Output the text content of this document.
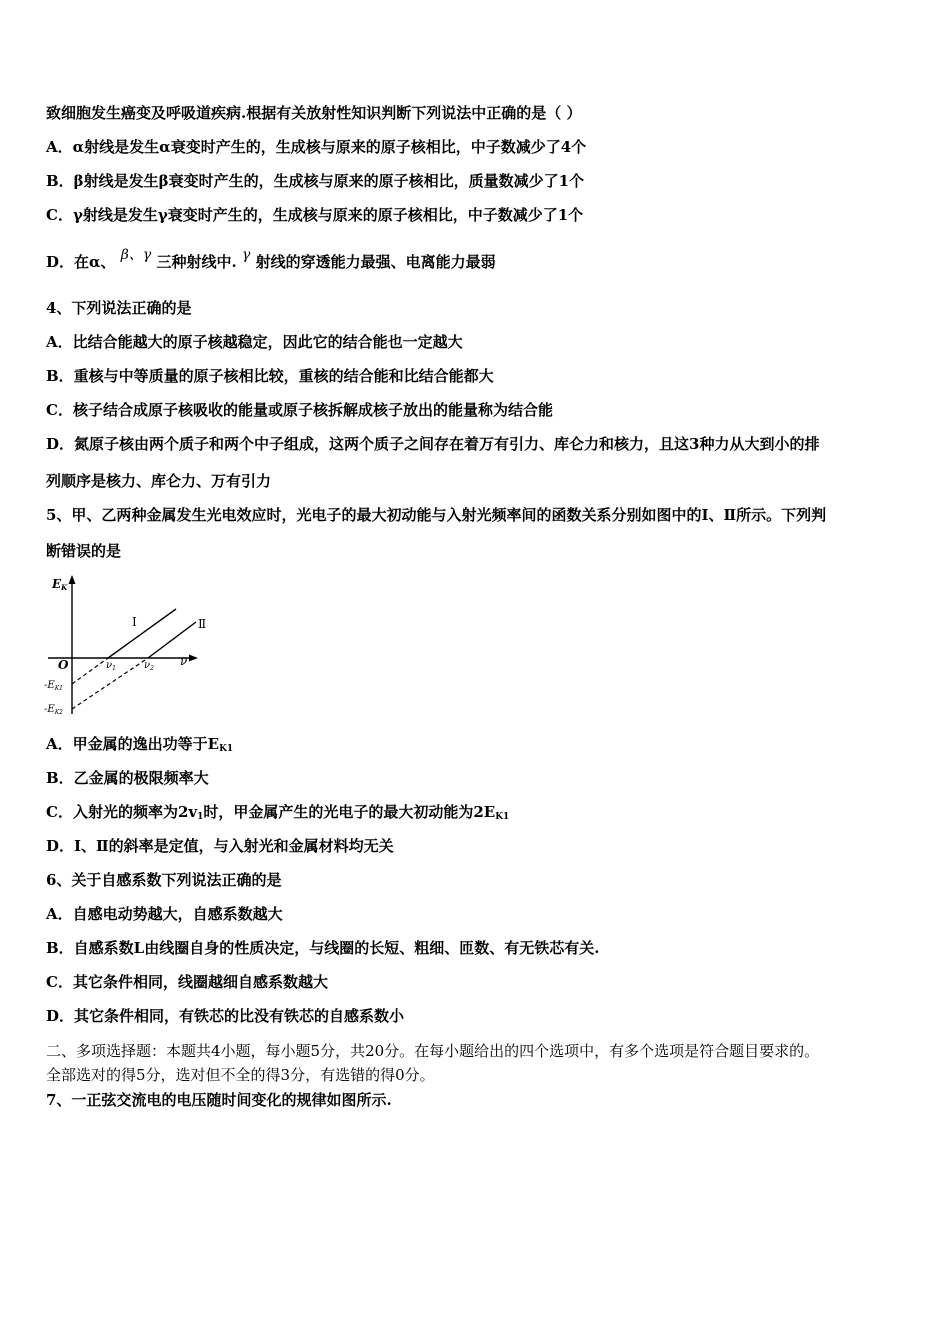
致细胞发生癌变及呼吸道疾病.根据有关放射性知识判断下列说法中正确的是（ ）
A．α射线是发生α衰变时产生的，生成核与原来的原子核相比，中子数减少了4个
B．β射线是发生β衰变时产生的，生成核与原来的原子核相比，质量数减少了1个
C．γ射线是发生γ衰变时产生的，生成核与原来的原子核相比，中子数减少了1个
D．在α、 β、γ 三种射线中. γ 射线的穿透能力最强、电离能力最弱
4、下列说法正确的是
A．比结合能越大的原子核越稳定，因此它的结合能也一定越大
B．重核与中等质量的原子核相比较，重核的结合能和比结合能都大
C．核子结合成原子核吸收的能量或原子核拆解成核子放出的能量称为结合能
D．氮原子核由两个质子和两个中子组成，这两个质子之间存在着万有引力、库仑力和核力，且这3种力从大到小的排
列顺序是核力、库仑力、万有引力
5、甲、乙两种金属发生光电效应时，光电子的最大初动能与入射光频率间的函数关系分别如图中的Ⅰ、Ⅱ所示。下列判
断错误的是
EK
ν
O
Ⅰ	Ⅱ
$\nu_1$	$\nu_2$
$-E_{K1}$
$-E_{K2}$
A．甲金属的逸出功等于$E_{K1}$
B．乙金属的极限频率大
C．入射光的频率为$2v_1$时，甲金属产生的光电子的最大初动能为$2E_{K1}$
D．Ⅰ、Ⅱ的斜率是定值，与入射光和金属材料均无关
6、关于自感系数下列说法正确的是
A．自感电动势越大，自感系数越大
B．自感系数L由线圈自身的性质决定，与线圈的长短、粗细、匝数、有无铁芯有关.
C．其它条件相同，线圈越细自感系数越大
D．其它条件相同，有铁芯的比没有铁芯的自感系数小
二、多项选择题：本题共4小题，每小题5分，共20分。在每小题给出的四个选项中，有多个选项是符合题目要求的。
全部选对的得5分，选对但不全的得3分，有选错的得0分。
7、一正弦交流电的电压随时间变化的规律如图所示.
